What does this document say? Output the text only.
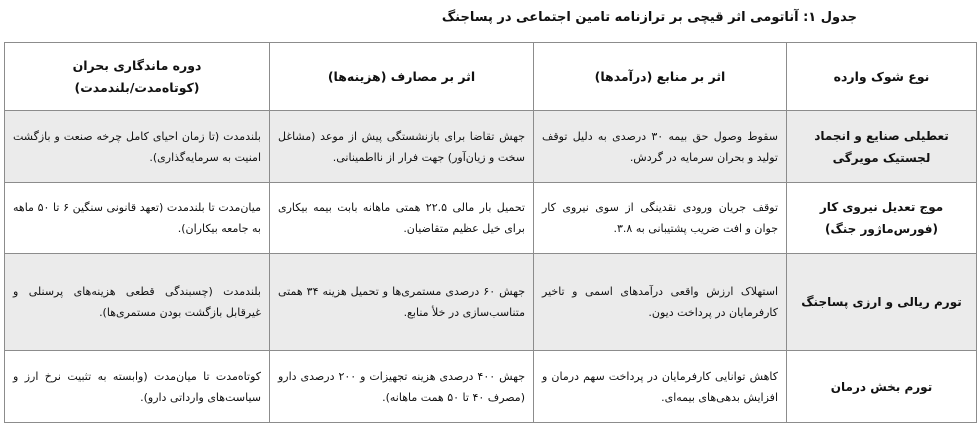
جدول ۱: آناتومی اثر قیچی بر ترازنامه تامین اجتماعی در پساجنگ
نوع شوک وارده	اثر بر منابع (درآمدها)	اثر بر مصارف (هزینه‌ها)	دوره ماندگاری بحران
(کوتاه‌مدت/بلندمدت)

تعطیلی صنایع و انجماد لجستیک مویرگی	سقوط وصول حق بیمه ۳۰ درصدی به دلیل توقف تولید و بحران سرمایه در گردش.	جهش تقاضا برای بازنشستگی پیش از موعد (مشاغل سخت و زیان‌آور) جهت فرار از نااطمینانی.	بلندمدت (تا زمان احیای کامل چرخه صنعت و بازگشت امنیت به سرمایه‌گذاری).
موج تعدیل نیروی کار (فورس‌ماژور جنگ)	توقف جریان ورودی نقدینگی از سوی نیروی کار جوان و افت ضریب پشتیبانی به ۳.۸.	تحمیل بار مالی ۲۲.۵ همتی ماهانه بابت بیمه بیکاری برای خیل عظیم متقاضیان.	میان‌مدت تا بلندمدت (تعهد قانونی سنگین ۶ تا ۵۰ ماهه به جامعه بیکاران).
تورم ریالی و ارزی پساجنگ	استهلاک ارزش واقعی درآمدهای اسمی و تاخیر کارفرمایان در پرداخت دیون.	جهش ۶۰ درصدی مستمری‌ها و تحمیل هزینه ۳۴ همتی متناسب‌سازی در خلأ منابع.	بلندمدت (چسبندگی قطعی هزینه‌های پرسنلی و غیرقابل بازگشت بودن مستمری‌ها).
تورم بخش درمان	کاهش توانایی کارفرمایان در پرداخت سهم درمان و افزایش بدهی‌های بیمه‌ای.	جهش ۴۰۰ درصدی هزینه تجهیزات و ۲۰۰ درصدی دارو (مصرف ۴۰ تا ۵۰ همت ماهانه).	کوتاه‌مدت تا میان‌مدت (وابسته به تثبیت نرخ ارز و سیاست‌های وارداتی دارو).
